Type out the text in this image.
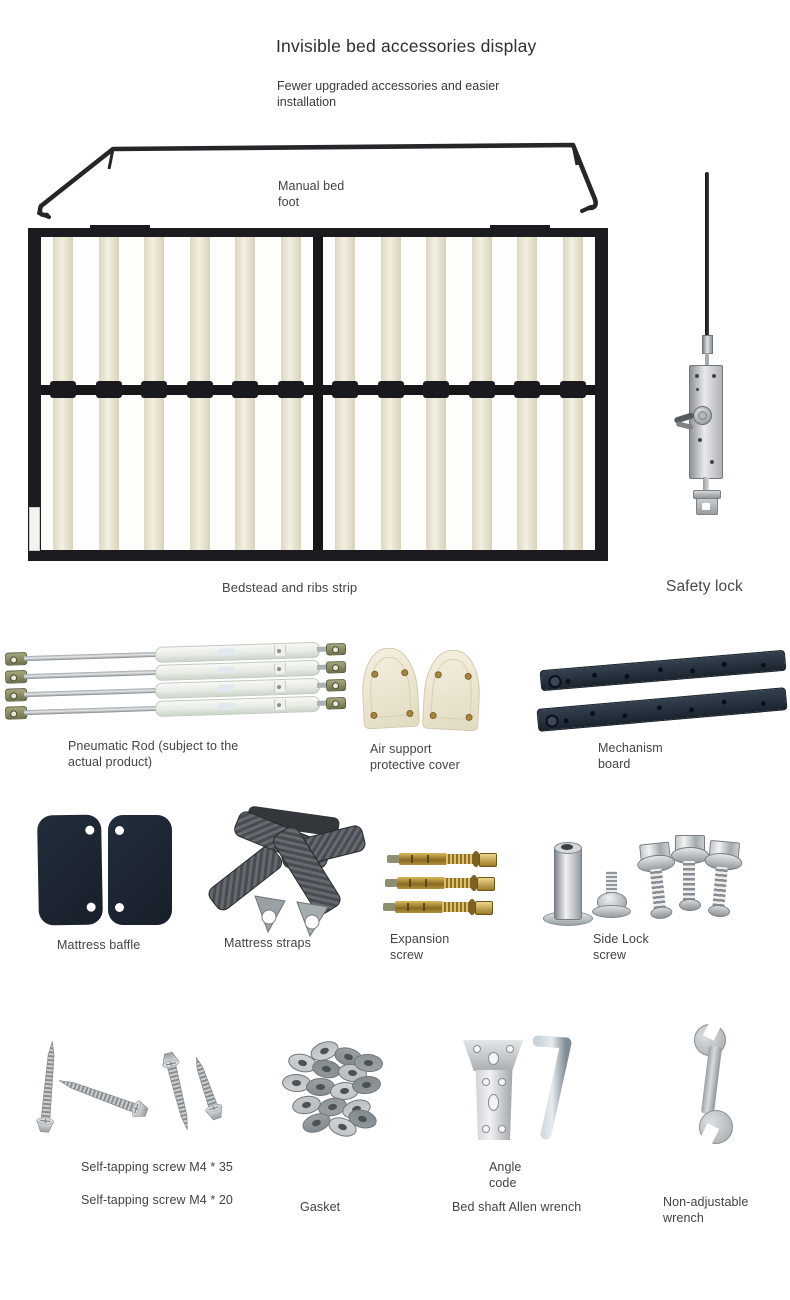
Invisible bed accessories display
Fewer upgraded accessories and easier installation
Manual bed foot
Bedstead and ribs strip	Safety lock
Pneumatic Rod (subject to the actual product)
Air support protective cover
Mechanism board
Mattress baffle	Mattress straps	Expansion screw
Side Lock screw
Self-tapping screw M4 * 35
Self-tapping screw M4 * 20	Gasket
Angle code
Bed shaft Allen wrench	Non-adjustable wrench
